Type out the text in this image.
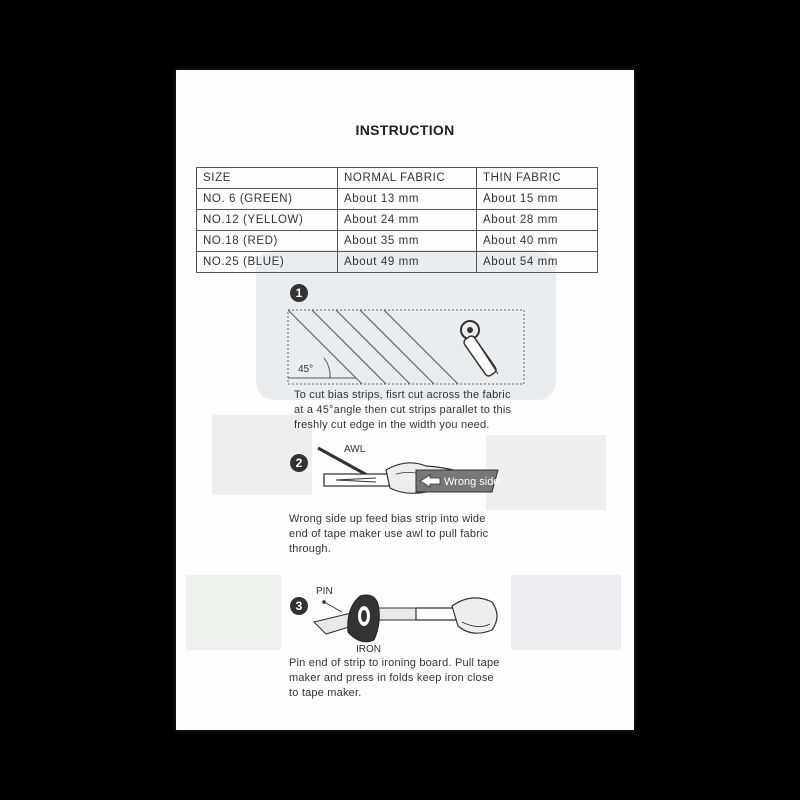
INSTRUCTION
SIZE	NORMAL FABRIC	THIN FABRIC
NO. 6 (GREEN)	About 13 mm	About 15 mm
NO.12 (YELLOW)	About 24 mm	About 28 mm
NO.18 (RED)	About 35 mm	About 40 mm
NO.25 (BLUE)	About 49 mm	About 54 mm
1
45°
To cut bias strips, fisrt cut across the fabric
at a 45°angle then cut strips parallet to this
freshly cut edge in the width you need.
2
Wrong side
AWL
Wrong side up feed bias strip into wide
end of tape maker use awl to pull fabric
through.
3
PIN
IRON
Pin end of strip to ironing board. Pull tape
maker and press in folds keep iron close
to tape maker.
